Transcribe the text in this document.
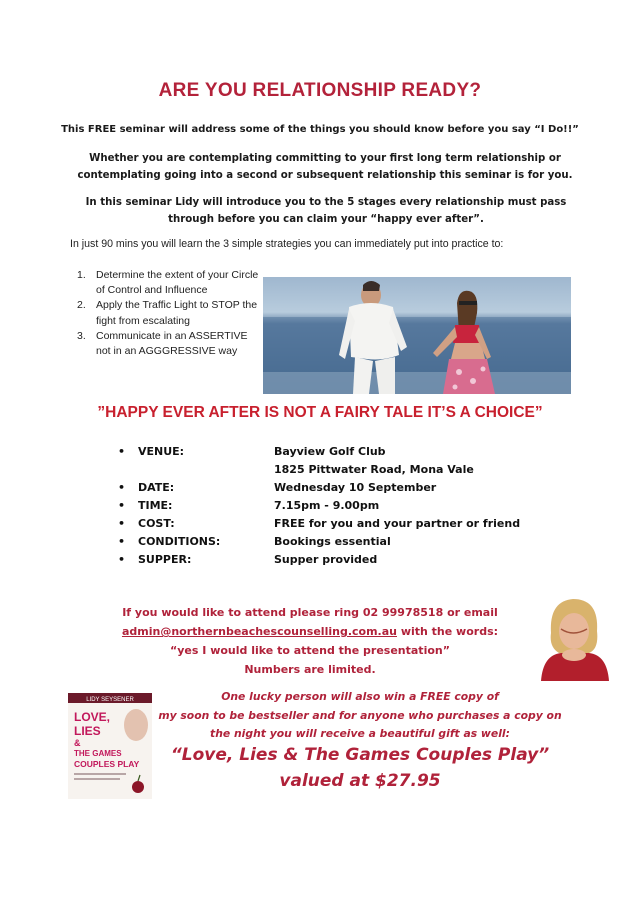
ARE YOU RELATIONSHIP READY?
This FREE seminar will address some of the things you should know before you say “I Do!!”
Whether you are contemplating committing to your first long term relationship or contemplating going into a second or subsequent relationship this seminar is for you.
In this seminar Lidy will introduce you to the 5 stages every relationship must pass through before you can claim your “happy ever after”.
In just 90 mins you will learn the 3 simple strategies you can immediately put into practice to:
1. Determine the extent of your Circle of Control and Influence
2. Apply the Traffic Light to STOP the fight from escalating
3. Communicate in an ASSERTIVE not in an AGGGRESSIVE way
”HAPPY EVER AFTER IS NOT A FAIRY TALE IT’S A CHOICE”
•	VENUE:	Bayview Golf Club
1825 Pittwater Road, Mona Vale
•	DATE:	Wednesday 10 September
•	TIME:	7.15pm - 9.00pm
•	COST:	FREE for you and your partner or friend
•	CONDITIONS:	Bookings essential
•	SUPPER:	Supper provided
If you would like to attend please ring 02 99978518 or email
admin@northernbeachescounselling.com.au with the words:
“yes I would like to attend the presentation”
Numbers are limited.
LIDY SEYSENER
LOVE,
LIES
&
THE GAMES
COUPLES PLAY
One lucky person will also win a FREE copy of
my soon to be bestseller and for anyone who purchases a copy on
the night you will receive a beautiful gift as well:
“Love, Lies & The Games Couples Play”
valued at $27.95
